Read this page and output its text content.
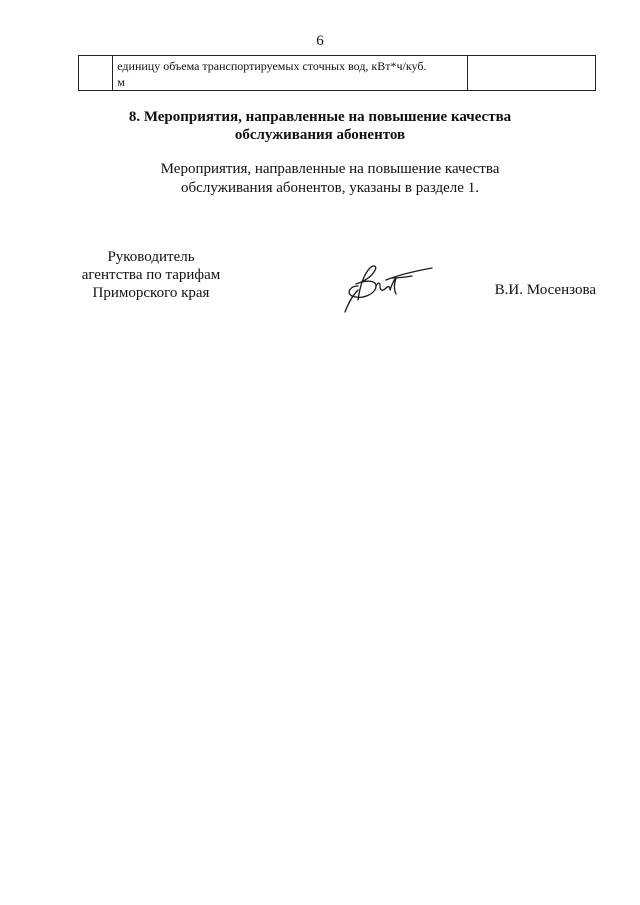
6

единицу объема транспортируемых сточных вод, кВт*ч/куб.
м

8. Мероприятия, направленные на повышение качества
обслуживания абонентов
Мероприятия, направленные на повышение качества
обслуживания абонентов, указаны в разделе 1.
Руководитель
агентства по тарифам
Приморского края	В.И. Мосензова
